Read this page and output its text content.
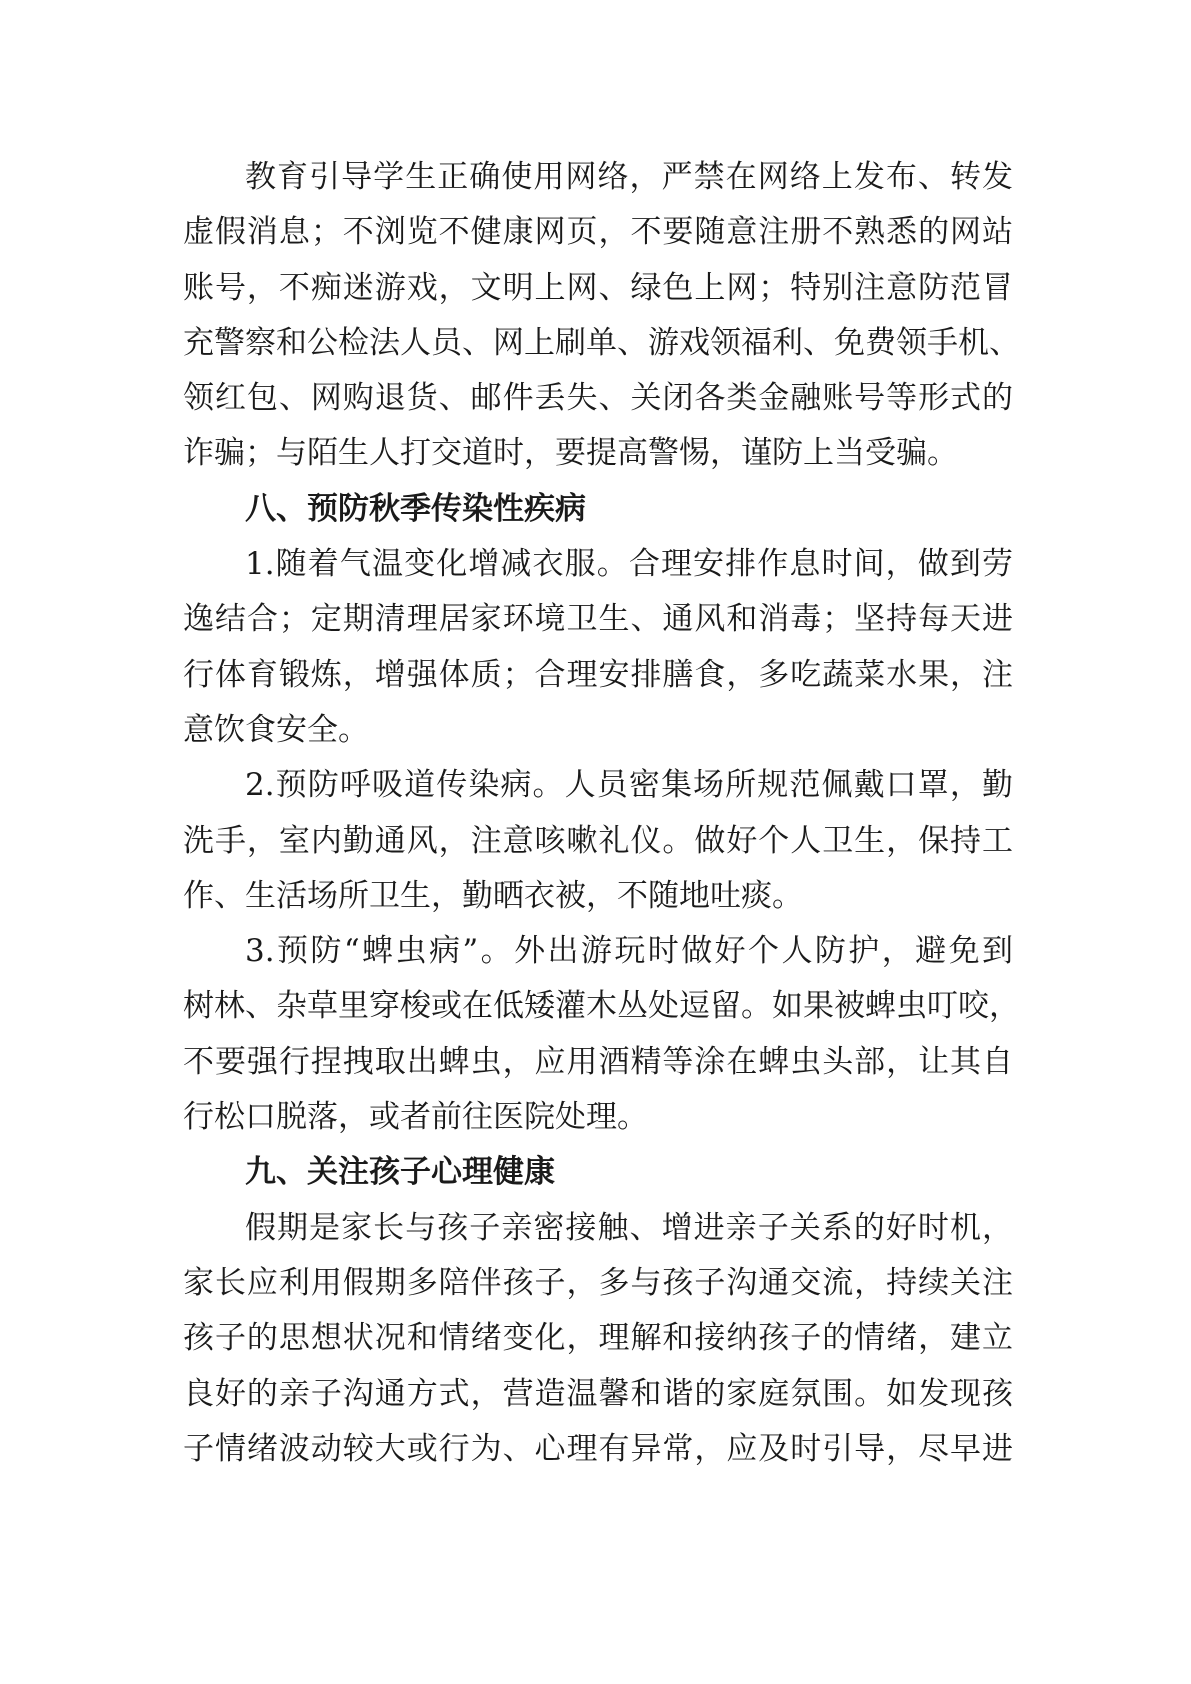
教育引导学生正确使用网络，严禁在网络上发布、转发
虚假消息；不浏览不健康网页，不要随意注册不熟悉的网站
账号，不痴迷游戏，文明上网、绿色上网；特别注意防范冒
充警察和公检法人员、网上刷单、游戏领福利、免费领手机、
领红包、网购退货、邮件丢失、关闭各类金融账号等形式的
诈骗；与陌生人打交道时，要提高警惕，谨防上当受骗。
八、预防秋季传染性疾病
1.随着气温变化增减衣服。合理安排作息时间，做到劳
逸结合；定期清理居家环境卫生、通风和消毒；坚持每天进
行体育锻炼，增强体质；合理安排膳食，多吃蔬菜水果，注
意饮食安全。
2.预防呼吸道传染病。人员密集场所规范佩戴口罩，勤
洗手，室内勤通风，注意咳嗽礼仪。做好个人卫生，保持工
作、生活场所卫生，勤晒衣被，不随地吐痰。
3.预防“蜱虫病”。外出游玩时做好个人防护，避免到
树林、杂草里穿梭或在低矮灌木丛处逗留。如果被蜱虫叮咬，
不要强行捏拽取出蜱虫，应用酒精等涂在蜱虫头部，让其自
行松口脱落，或者前往医院处理。
九、关注孩子心理健康
假期是家长与孩子亲密接触、增进亲子关系的好时机，
家长应利用假期多陪伴孩子，多与孩子沟通交流，持续关注
孩子的思想状况和情绪变化，理解和接纳孩子的情绪，建立
良好的亲子沟通方式，营造温馨和谐的家庭氛围。如发现孩
子情绪波动较大或行为、心理有异常，应及时引导，尽早进
